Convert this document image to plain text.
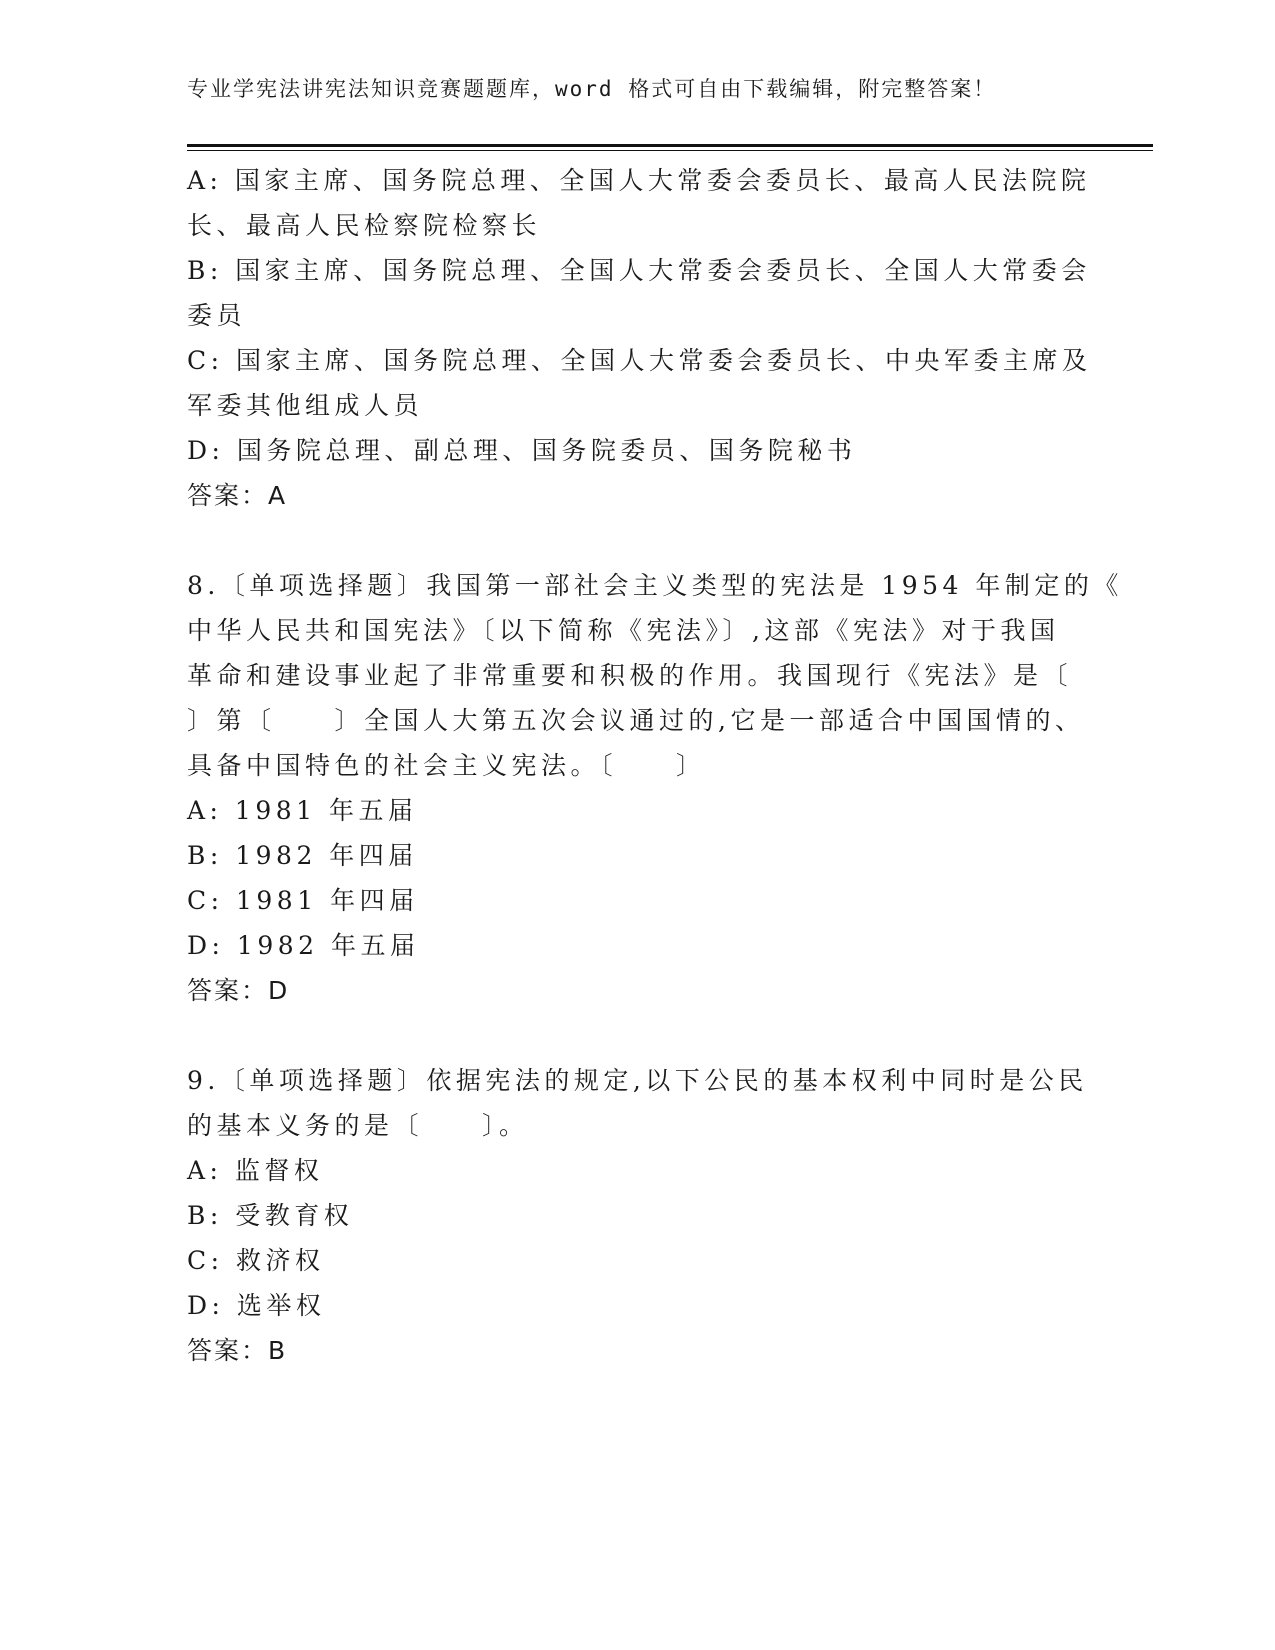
专业学宪法讲宪法知识竞赛题题库，word 格式可自由下载编辑，附完整答案！
A: 国家主席、国务院总理、全国人大常委会委员长、最高人民法院院
长、最高人民检察院检察长
B: 国家主席、国务院总理、全国人大常委会委员长、全国人大常委会
委员
C: 国家主席、国务院总理、全国人大常委会委员长、中央军委主席及
军委其他组成人员
D: 国务院总理、副总理、国务院委员、国务院秘书
答案：A
8.〔单项选择题〕我国第一部社会主义类型的宪法是 1954 年制定的《
中华人民共和国宪法》〔以下简称《宪法》〕,这部《宪法》对于我国
革命和建设事业起了非常重要和积极的作用。我国现行《宪法》是〔
〕第〔　　〕全国人大第五次会议通过的,它是一部适合中国国情的、
具备中国特色的社会主义宪法。〔　　〕
A: 1981 年五届
B: 1982 年四届
C: 1981 年四届
D: 1982 年五届
答案：D
9.〔单项选择题〕依据宪法的规定,以下公民的基本权利中同时是公民
的基本义务的是〔　　〕。
A: 监督权
B: 受教育权
C: 救济权
D: 选举权
答案：B
